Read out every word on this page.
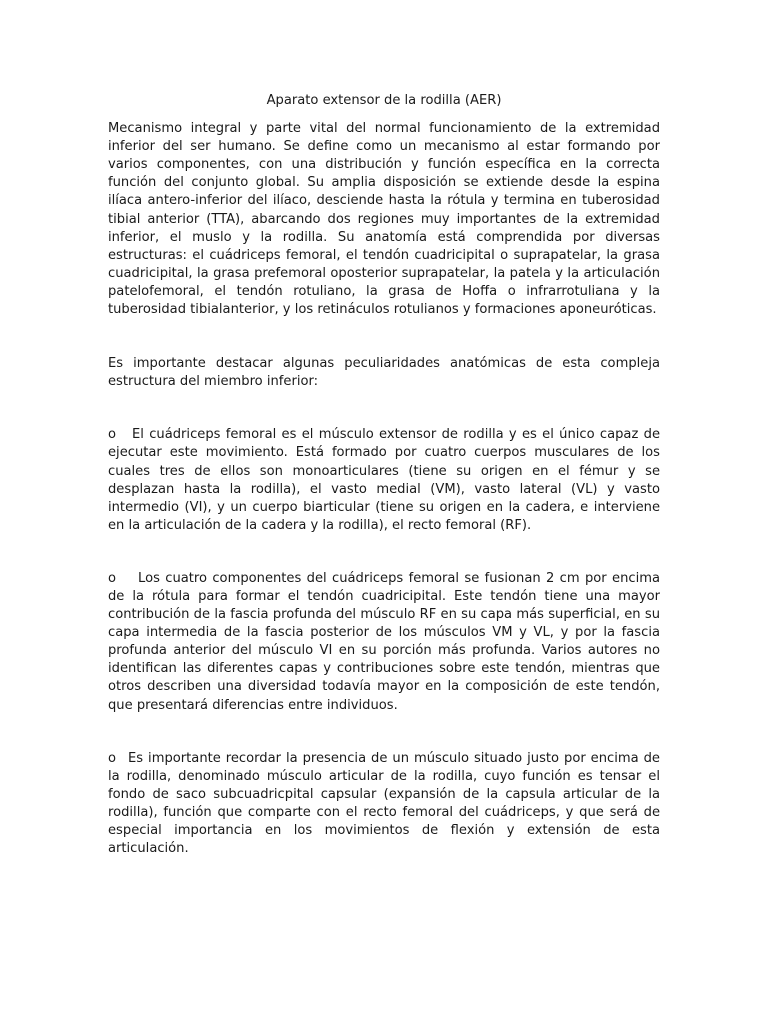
Aparato extensor de la rodilla (AER)

Mecanismo integral y parte vital del normal funcionamiento de la extremidad inferior del ser humano. Se define como un mecanismo al estar formando por varios componentes, con una distribución y función específica en la correcta función del conjunto global. Su amplia disposición se extiende desde la espina ilíaca antero-inferior del ilíaco, desciende hasta la rótula y termina en tuberosidad tibial anterior (TTA), abarcando dos regiones muy importantes de la extremidad inferior, el muslo y la rodilla. Su anatomía está comprendida por diversas estructuras: el cuádriceps femoral, el tendón cuadricipital o suprapatelar, la grasa cuadricipital, la grasa prefemoral oposterior suprapatelar, la patela y la articulación patelofemoral, el tendón rotuliano, la grasa de Hoffa o infrarrotuliana y la tuberosidad tibialanterior, y los retináculos rotulianos y formaciones aponeuróticas.

Es importante destacar algunas peculiaridades anatómicas de esta compleja estructura del miembro inferior:

o El cuádriceps femoral es el músculo extensor de rodilla y es el único capaz de ejecutar este movimiento. Está formado por cuatro cuerpos musculares de los cuales tres de ellos son monoarticulares (tiene su origen en el fémur y se desplazan hasta la rodilla), el vasto medial (VM), vasto lateral (VL) y vasto intermedio (VI), y un cuerpo biarticular (tiene su origen en la cadera, e interviene en la articulación de la cadera y la rodilla), el recto femoral (RF).

o Los cuatro componentes del cuádriceps femoral se fusionan 2 cm por encima de la rótula para formar el tendón cuadricipital. Este tendón tiene una mayor contribución de la fascia profunda del músculo RF en su capa más superficial, en su capa intermedia de la fascia posterior de los músculos VM y VL, y por la fascia profunda anterior del músculo VI en su porción más profunda. Varios autores no identifican las diferentes capas y contribuciones sobre este tendón, mientras que otros describen una diversidad todavía mayor en la composición de este tendón, que presentará diferencias entre individuos.

o Es importante recordar la presencia de un músculo situado justo por encima de la rodilla, denominado músculo articular de la rodilla, cuyo función es tensar el fondo de saco subcuadricpital capsular (expansión de la capsula articular de la rodilla), función que comparte con el recto femoral del cuádriceps, y que será de especial importancia en los movimientos de flexión y extensión de esta articulación.
